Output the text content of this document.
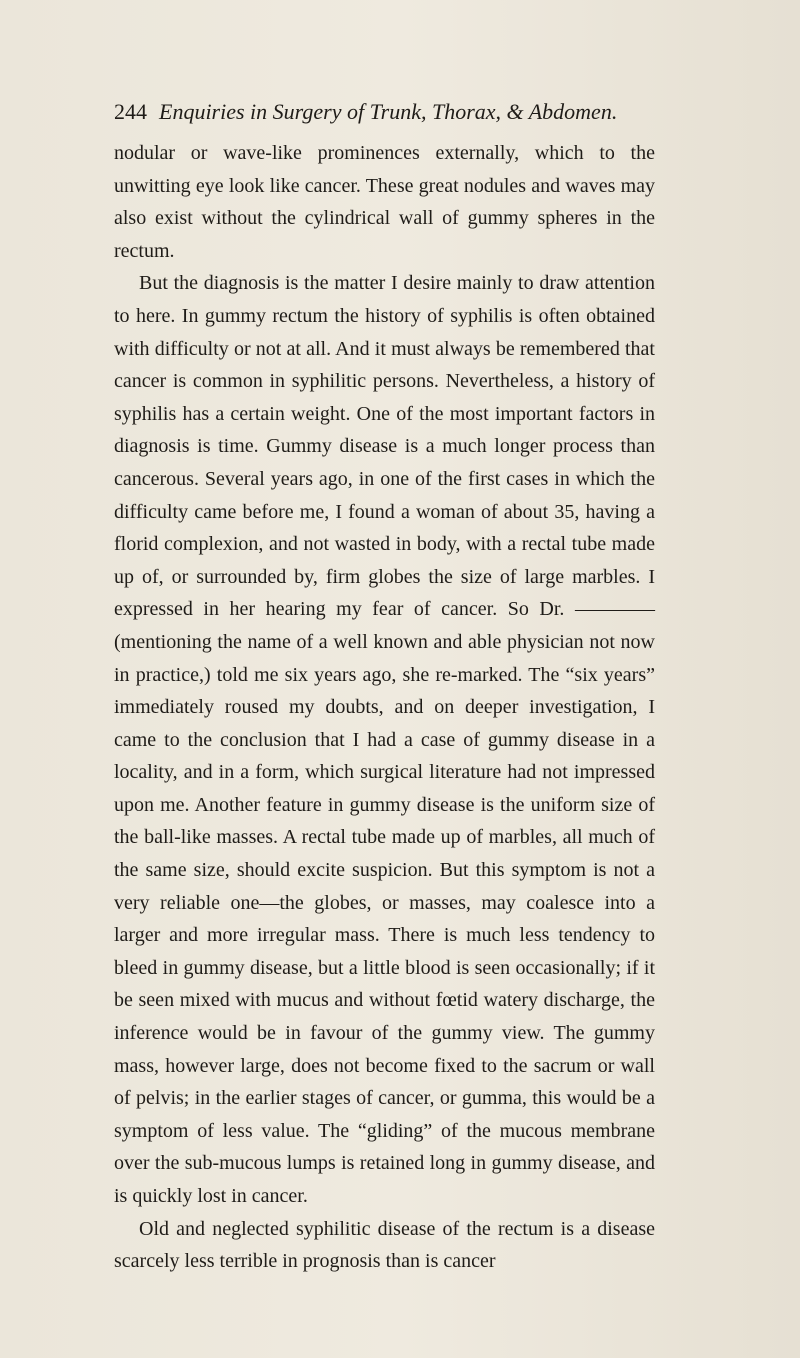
244 Enquiries in Surgery of Trunk, Thorax, & Abdomen.

nodular or wave-like prominences externally, which to the unwitting eye look like cancer. These great nodules and waves may also exist without the cylindrical wall of gummy spheres in the rectum.

But the diagnosis is the matter I desire mainly to draw attention to here. In gummy rectum the history of syphilis is often obtained with difficulty or not at all. And it must always be remembered that cancer is common in syphilitic persons. Nevertheless, a history of syphilis has a certain weight. One of the most important factors in diagnosis is time. Gummy disease is a much longer process than cancerous. Several years ago, in one of the first cases in which the difficulty came before me, I found a woman of about 35, having a florid complexion, and not wasted in body, with a rectal tube made up of, or surrounded by, firm globes the size of large marbles. I expressed in her hearing my fear of cancer. So Dr. ———— (mentioning the name of a well known and able physician not now in practice,) told me six years ago, she re-marked. The “six years” immediately roused my doubts, and on deeper investigation, I came to the conclusion that I had a case of gummy disease in a locality, and in a form, which surgical literature had not impressed upon me. Another feature in gummy disease is the uniform size of the ball-like masses. A rectal tube made up of marbles, all much of the same size, should excite suspicion. But this symptom is not a very reliable one—the globes, or masses, may coalesce into a larger and more irregular mass. There is much less tendency to bleed in gummy disease, but a little blood is seen occasionally; if it be seen mixed with mucus and without fœtid watery discharge, the inference would be in favour of the gummy view. The gummy mass, however large, does not become fixed to the sacrum or wall of pelvis; in the earlier stages of cancer, or gumma, this would be a symptom of less value. The “gliding” of the mucous membrane over the sub-mucous lumps is retained long in gummy disease, and is quickly lost in cancer.

Old and neglected syphilitic disease of the rectum is a disease scarcely less terrible in prognosis than is cancer
